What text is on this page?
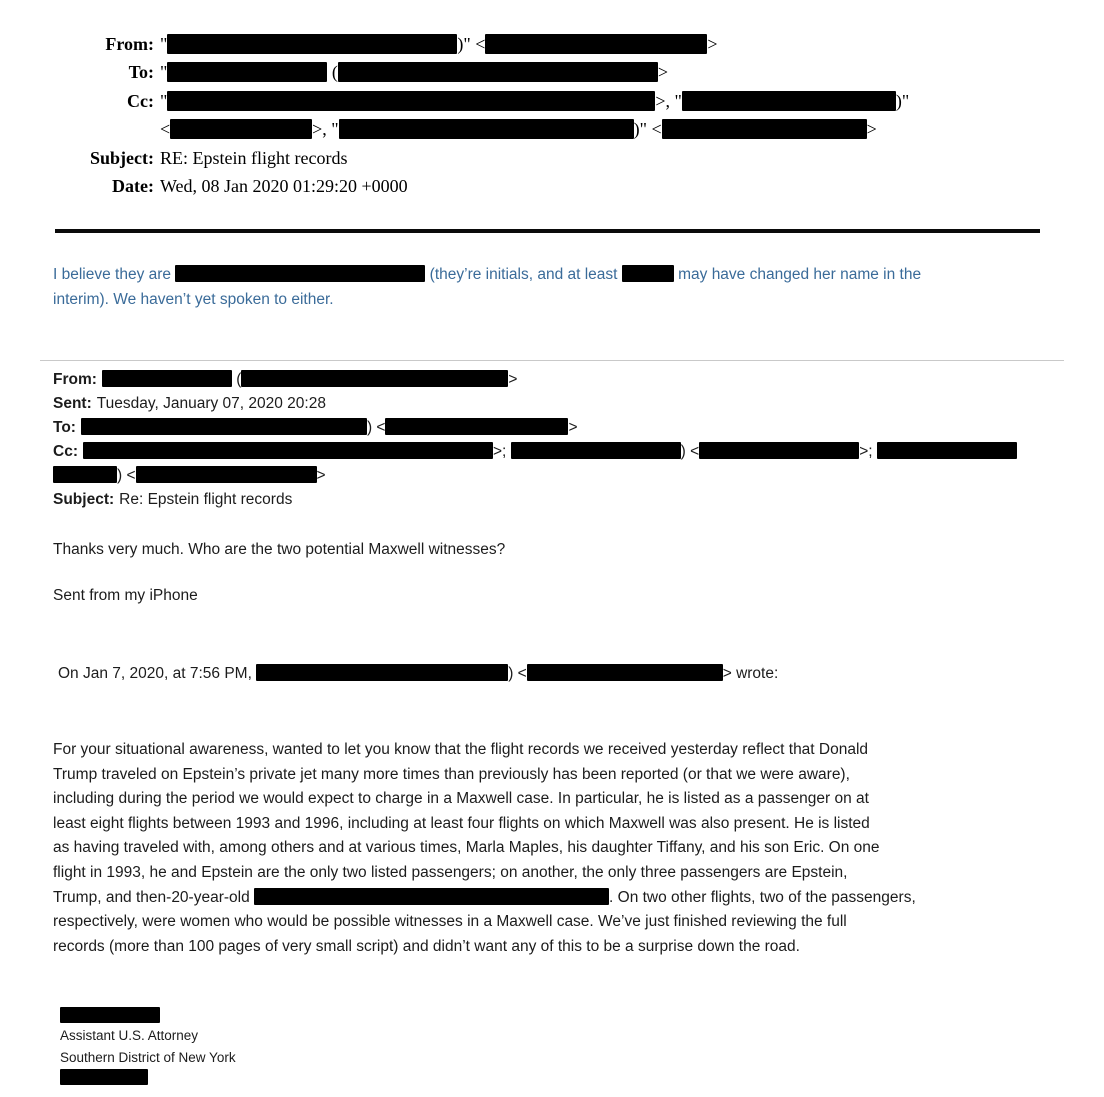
From: "	)" <	>
To: "	(	>
Cc: "	>, "	)"
<	>, "	)" <	>
Subject: RE: Epstein flight records
Date: Wed, 08 Jan 2020 01:29:20 +0000
I believe they are	(they’re initials, and at least	may have changed her name in the
interim). We haven’t yet spoken to either.
From:	(	>
Sent: Tuesday, January 07, 2020 20:28
To:	) <	>
Cc:	>;	) <	>;
) <	>
Subject: Re: Epstein flight records
Thanks very much. Who are the two potential Maxwell witnesses?
Sent from my iPhone
On Jan 7, 2020, at 7:56 PM,	) <	> wrote:
For your situational awareness, wanted to let you know that the flight records we received yesterday reflect that Donald
Trump traveled on Epstein’s private jet many more times than previously has been reported (or that we were aware),
including during the period we would expect to charge in a Maxwell case. In particular, he is listed as a passenger on at
least eight flights between 1993 and 1996, including at least four flights on which Maxwell was also present. He is listed
as having traveled with, among others and at various times, Marla Maples, his daughter Tiffany, and his son Eric. On one
flight in 1993, he and Epstein are the only two listed passengers; on another, the only three passengers are Epstein,
Trump, and then-20-year-old	. On two other flights, two of the passengers,
respectively, were women who would be possible witnesses in a Maxwell case. We’ve just finished reviewing the full
records (more than 100 pages of very small script) and didn’t want any of this to be a surprise down the road.
Assistant U.S. Attorney
Southern District of New York
